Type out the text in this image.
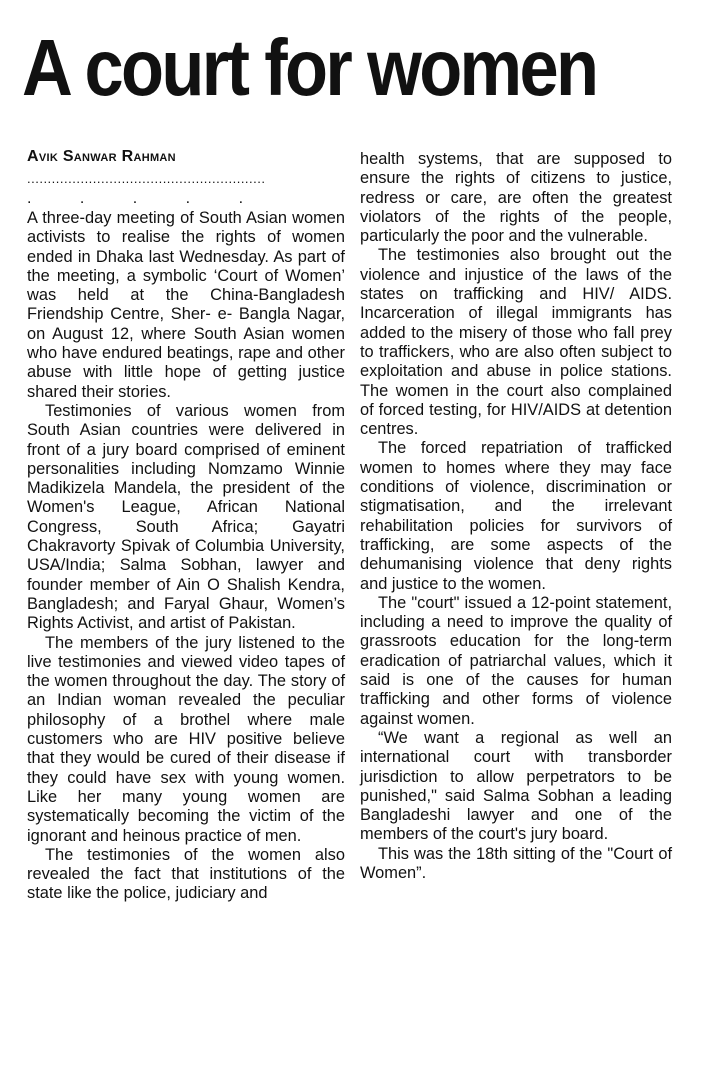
A court for women
Avik Sanwar Rahman
..........................................................
. . . . .

A three-day meeting of South Asian women activists to realise the rights of women ended in Dhaka last Wednesday. As part of the meeting, a symbolic ‘Court of Women’ was held at the China-Bangladesh Friendship Centre, Sher- e- Bangla Nagar, on August 12, where South Asian women who have endured beatings, rape and other abuse with little hope of getting justice shared their stories.

Testimonies of various women from South Asian countries were delivered in front of a jury board comprised of eminent personalities including Nomzamo Winnie Madikizela Mandela, the president of the Women's League, African National Congress, South Africa; Gayatri Chakravorty Spivak of Columbia University, USA/India; Salma Sobhan, lawyer and founder member of Ain O Shalish Kendra, Bangladesh; and Faryal Ghaur, Women’s Rights Activist, and artist of Pakistan.

The members of the jury listened to the live testimonies and viewed video tapes of the women throughout the day. The story of an Indian woman revealed the peculiar philosophy of a brothel where male customers who are HIV positive believe that they would be cured of their disease if they could have sex with young women. Like her many young women are systematically becoming the victim of the ignorant and heinous practice of men.

The testimonies of the women also revealed the fact that institutions of the state like the police, judiciary and

health systems, that are supposed to ensure the rights of citizens to justice, redress or care, are often the greatest violators of the rights of the people, particularly the poor and the vulnerable.

The testimonies also brought out the violence and injustice of the laws of the states on trafficking and HIV/ AIDS. Incarceration of illegal immigrants has added to the misery of those who fall prey to traffickers, who are also often subject to exploitation and abuse in police stations. The women in the court also complained of forced testing, for HIV/AIDS at detention centres.

The forced repatriation of trafficked women to homes where they may face conditions of violence, discrimination or stigmatisation, and the irrelevant rehabilitation policies for survivors of trafficking, are some aspects of the dehumanising violence that deny rights and justice to the women.

The "court" issued a 12-point statement, including a need to improve the quality of grassroots education for the long-term eradication of patriarchal values, which it said is one of the causes for human trafficking and other forms of violence against women.

“We want a regional as well an international court with transborder jurisdiction to allow perpetrators to be punished," said Salma Sobhan a leading Bangladeshi lawyer and one of the members of the court's jury board.

This was the 18th sitting of the "Court of Women”.
